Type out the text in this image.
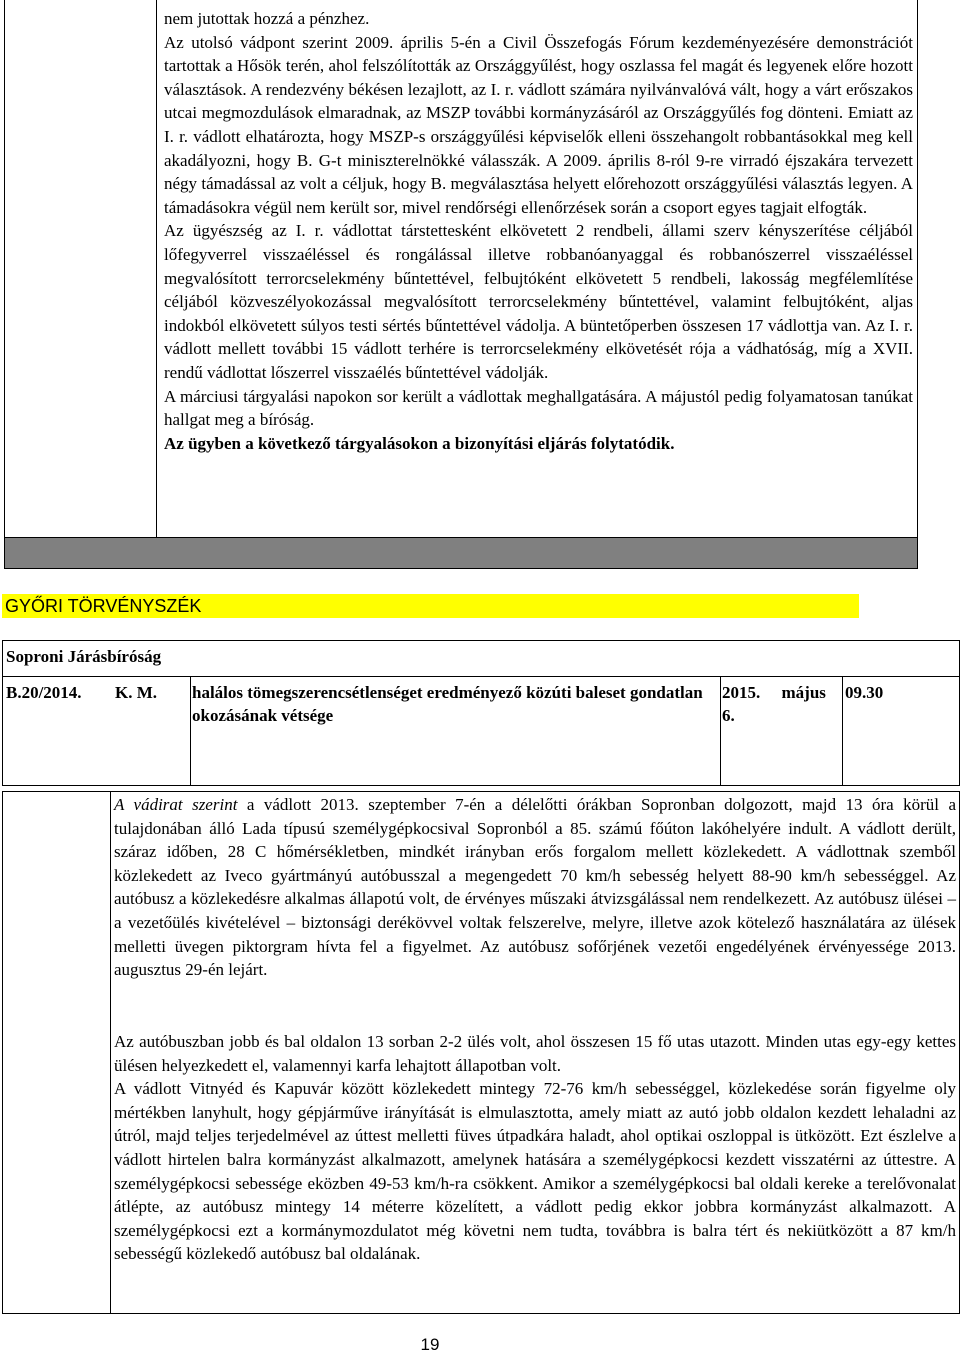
nem jutottak hozzá a pénzhez.

Az utolsó vádpont szerint 2009. április 5-én a Civil Összefogás Fórum kezdeményezésére demonstrációt tartottak a Hősök terén, ahol felszólították az Országgyűlést, hogy oszlassa fel magát és legyenek előre hozott választások. A rendezvény békésen lezajlott, az I. r. vádlott számára nyilvánvalóvá vált, hogy a várt erőszakos utcai megmozdulások elmaradnak, az MSZP további kormányzásáról az Országgyűlés fog dönteni. Emiatt az I. r. vádlott elhatározta, hogy MSZP-s országgyűlési képviselők elleni összehangolt robbantásokkal meg kell akadályozni, hogy B. G-t miniszterelnökké válasszák. A 2009. április 8-ról 9-re virradó éjszakára tervezett négy támadással az volt a céljuk, hogy B. megválasztása helyett előrehozott országgyűlési választás legyen. A támadásokra végül nem került sor, mivel rendőrségi ellenőrzések során a csoport egyes tagjait elfogták.

Az ügyészség az I. r. vádlottat társtettesként elkövetett 2 rendbeli, állami szerv kényszerítése céljából lőfegyverrel visszaéléssel és rongálással illetve robbanóanyaggal és robbanószerrel visszaéléssel megvalósított terrorcselekmény bűntettével, felbujtóként elkövetett 5 rendbeli, lakosság megfélemlítése céljából közveszélyokozással megvalósított terrorcselekmény bűntettével, valamint felbujtóként, aljas indokból elkövetett súlyos testi sértés bűntettével vádolja. A büntetőperben összesen 17 vádlottja van. Az I. r. vádlott mellett további 15 vádlott terhére is terrorcselekmény elkövetését rója a vádhatóság, míg a XVII. rendű vádlottat lőszerrel visszaélés bűntettével vádolják.

A márciusi tárgyalási napokon sor került a vádlottak meghallgatására. A májustól pedig folyamatosan tanúkat hallgat meg a bíróság.

Az ügyben a következő tárgyalásokon a bizonyítási eljárás folytatódik.

GYŐRI TÖRVÉNYSZÉK
Soproni Járásbíróság
B.20/2014. K. M. halálos tömegszerencsétlenséget eredményező közúti baleset gondatlan okozásának vétsége
2015.     május
6.
09.30
A vádirat szerint a vádlott 2013. szeptember 7-én a délelőtti órákban Sopronban dolgozott, majd 13 óra körül a tulajdonában álló Lada típusú személygépkocsival Sopronból a 85. számú főúton lakóhelyére indult. A vádlott derült, száraz időben, 28 C hőmérsékletben, mindkét irányban erős forgalom mellett közlekedett. A vádlottnak szemből közlekedett az Iveco gyártmányú autóbusszal a megengedett 70 km/h sebesség helyett 88-90 km/h sebességgel. Az autóbusz a közlekedésre alkalmas állapotú volt, de érvényes műszaki átvizsgálással nem rendelkezett. Az autóbusz ülései – a vezetőülés kivételével – biztonsági derékövvel voltak felszerelve, melyre, illetve azok kötelező használatára az ülések melletti üvegen piktorgram hívta fel a figyelmet. Az autóbusz sofőrjének vezetői engedélyének érvényessége 2013. augusztus 29-én lejárt.

Az autóbuszban jobb és bal oldalon 13 sorban 2-2 ülés volt, ahol összesen 15 fő utas utazott. Minden utas egy-egy kettes ülésen helyezkedett el, valamennyi karfa lehajtott állapotban volt.

A vádlott Vitnyéd és Kapuvár között közlekedett mintegy 72-76 km/h sebességgel, közlekedése során figyelme oly mértékben lanyhult, hogy gépjárműve irányítását is elmulasztotta, amely miatt az autó jobb oldalon kezdett lehaladni az útról, majd teljes terjedelmével az úttest melletti füves útpadkára haladt, ahol optikai oszloppal is ütközött. Ezt észlelve a vádlott hirtelen balra kormányzást alkalmazott, amelynek hatására a személygépkocsi kezdett visszatérni az úttestre. A személygépkocsi sebessége eközben 49-53 km/h-ra csökkent. Amikor a személygépkocsi bal oldali kereke a terelővonalat átlépte, az autóbusz mintegy 14 méterre közelített, a vádlott pedig ekkor jobbra kormányzást alkalmazott. A személygépkocsi ezt a kormánymozdulatot még követni nem tudta, továbbra is balra tért és nekiütközött a 87 km/h sebességű közlekedő autóbusz bal oldalának.

19
